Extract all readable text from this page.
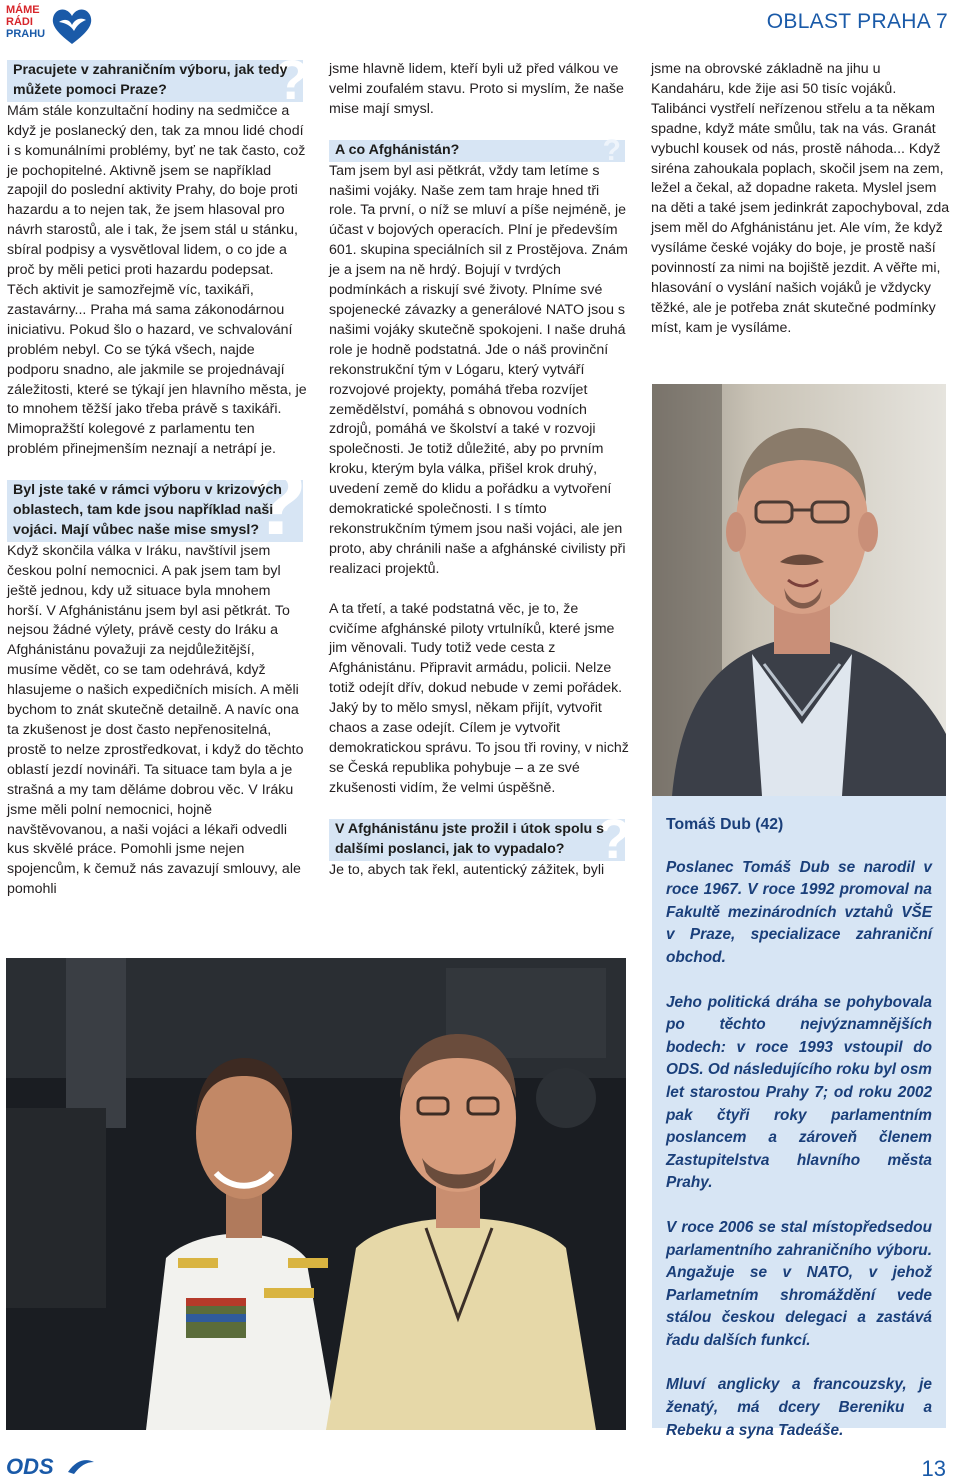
MÁME
RÁDI
PRAHU
OBLAST PRAHA 7
Pracujete v zahraničním výboru, jak tedy můžete pomoci Praze?	?

Mám stále konzultační hodiny na sedmičce a když je poslanecký den, tak za mnou lidé chodí i s komunálními problémy, byť ne tak často, což je pochopitelné. Aktivně jsem se například zapojil do poslední aktivity Prahy, do boje proti hazardu a to nejen tak, že jsem hlasoval pro návrh starostů, ale i tak, že jsem stál u stánku, sbíral podpisy a vysvětloval lidem, o co jde a proč by měli petici proti hazardu podepsat. Těch aktivit je samozřejmě víc, taxikáři, zastavárny... Praha má sama zákonodárnou iniciativu. Pokud šlo o hazard, ve schvalování problém nebyl. Co se týká všech, najde podporu snadno, ale jakmile se projednávají záležitosti, které se týkají jen hlavního města, je to mnohem těžší jako třeba právě s taxikáři. Mimopražští kolegové z parlamentu ten problém přinejmenším neznají a netrápí je.

Byl jste také v rámci výboru v krizových oblastech, tam kde jsou například naši vojáci. Mají vůbec naše mise smysl?
?

Když skončila válka v Iráku, navštívil jsem českou polní nemocnici. A pak jsem tam byl ještě jednou, kdy už situace byla mnohem horší. V Afghánistánu jsem byl asi pětkrát. To nejsou žádné výlety, právě cesty do Iráku a Afghánistánu považuji za nejdůležitější, musíme vědět, co se tam odehrává, když hlasujeme o našich expedičních misích. A měli bychom to znát skutečně detailně. A navíc ona ta zkušenost je dost často nepřenositelná, prostě to nelze zprostředkovat, i když do těchto oblastí jezdí novináři. Ta situace tam byla a je strašná a my tam děláme dobrou věc. V Iráku jsme měli polní nemocnici, hojně navštěvovanou, a naši vojáci a lékaři odvedli kus skvělé práce. Pomohli jsme nejen spojencům, k čemuž nás zavazují smlouvy, ale pomohli

jsme hlavně lidem, kteří byli už před válkou ve velmi zoufalém stavu. Proto si myslím, že naše mise mají smysl.

A co Afghánistán?	?

Tam jsem byl asi pětkrát, vždy tam letíme s našimi vojáky. Naše zem tam hraje hned tři role. Ta první, o níž se mluví a píše nejméně, je účast v bojových operacích. Plní je především 601. skupina speciálních sil z Prostějova. Znám je a jsem na ně hrdý. Bojují v tvrdých podmínkách a riskují své životy. Plníme své spojenecké závazky a generálové NATO jsou s našimi vojáky skutečně spokojeni. I naše druhá role je hodně podstatná. Jde o náš provinční rekonstrukční tým v Lógaru, který vytváří rozvojové projekty, pomáhá třeba rozvíjet zemědělství, pomáhá s obnovou vodních zdrojů, pomáhá ve školství a také v rozvoji společnosti. Je totiž důležité, aby po prvním kroku, kterým byla válka, přišel krok druhý, uvedení země do klidu a pořádku a vytvoření demokratické společnosti. I s tímto rekonstrukčním týmem jsou naši vojáci, ale jen proto, aby chránili naše a afghánské civilisty při realizaci projektů.

A ta třetí, a také podstatná věc, je to, že cvičíme afghánské piloty vrtulníků, které jsme jim věnovali. Tudy totiž vede cesta z Afghánistánu. Připravit armádu, policii. Nelze totiž odejít dřív, dokud nebude v zemi pořádek. Jaký by to mělo smysl, někam přijít, vytvořit chaos a zase odejít. Cílem je vytvořit demokratickou správu. To jsou tři roviny, v nichž se Česká republika pohybuje – a ze své zkušenosti vidím, že velmi úspěšně.

V Afghánistánu jste prožil i útok spolu s dalšími poslanci, jak to vypadalo? ?

Je to, abych tak řekl, autentický zážitek, byli

jsme na obrovské základně na jihu u Kandaháru, kde žije asi 50 tisíc vojáků. Talibánci vystřelí neřízenou střelu a ta někam spadne, když máte smůlu, tak na vás. Granát vybuchl kousek od nás, prostě náhoda... Když siréna zahoukala poplach, skočil jsem na zem, ležel a čekal, až dopadne raketa. Myslel jsem na děti a také jsem jedinkrát zapochyboval, zda jsem měl do Afghánistánu jet. Ale vím, že když vysíláme české vojáky do boje, je prostě naší povinností za nimi na bojiště jezdit. A věřte mi, hlasování o vyslání našich vojáků je vždycky těžké, ale je potřeba znát skutečné podmínky míst, kam je vysíláme.

Tomáš Dub (42)

Poslanec Tomáš Dub se narodil v roce 1967. V roce 1992 promoval na Fakultě mezinárodních vztahů VŠE v Praze, specializace zahraniční obchod.

Jeho politická dráha se pohybovala po těchto nejvýznamnějších bodech: v roce 1993 vstoupil do ODS. Od následujícího roku byl osm let starostou Prahy 7; od roku 2002 pak čtyři roky parlamentním poslancem a zároveň členem Zastupitelstva hlavního města Prahy.

V roce 2006 se stal místopředsedou parlamentního zahraničního výboru. Angažuje se v NATO, v jehož Parlametním shromáždění vede stálou českou delegaci a zastává řadu dalších funkcí.

Mluví anglicky a francouzsky, je ženatý, má dcery Bereniku a Rebeku a syna Tadeáše.

ODS	13
